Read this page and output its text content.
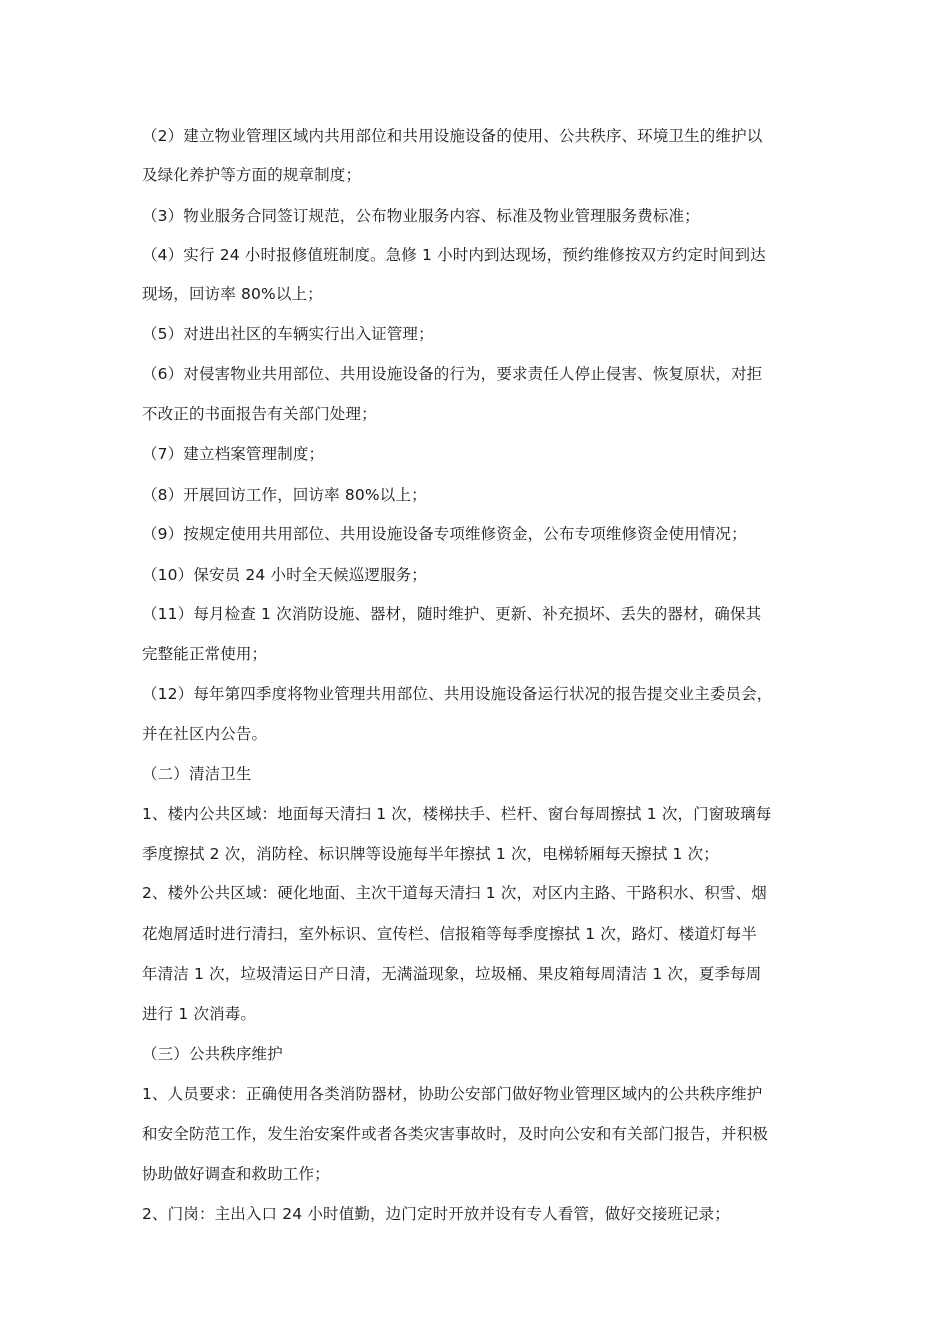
（2）建立物业管理区域内共用部位和共用设施设备的使用、公共秩序、环境卫生的维护以
及绿化养护等方面的规章制度；
（3）物业服务合同签订规范，公布物业服务内容、标准及物业管理服务费标准；
（4）实行 24 小时报修值班制度。急修 1 小时内到达现场，预约维修按双方约定时间到达
现场，回访率 80%以上；
（5）对进出社区的车辆实行出入证管理；
（6）对侵害物业共用部位、共用设施设备的行为，要求责任人停止侵害、恢复原状，对拒
不改正的书面报告有关部门处理；
（7）建立档案管理制度；
（8）开展回访工作，回访率 80%以上；
（9）按规定使用共用部位、共用设施设备专项维修资金，公布专项维修资金使用情况；
（10）保安员 24 小时全天候巡逻服务；
（11）每月检查 1 次消防设施、器材，随时维护、更新、补充损坏、丢失的器材，确保其
完整能正常使用；
（12）每年第四季度将物业管理共用部位、共用设施设备运行状况的报告提交业主委员会，
并在社区内公告。
（二）清洁卫生
1、楼内公共区域：地面每天清扫 1 次，楼梯扶手、栏杆、窗台每周擦拭 1 次，门窗玻璃每
季度擦拭 2 次，消防栓、标识牌等设施每半年擦拭 1 次，电梯轿厢每天擦拭 1 次；
2、楼外公共区域：硬化地面、主次干道每天清扫 1 次，对区内主路、干路积水、积雪、烟
花炮屑适时进行清扫，室外标识、宣传栏、信报箱等每季度擦拭 1 次，路灯、楼道灯每半
年清洁 1 次，垃圾清运日产日清，无满溢现象，垃圾桶、果皮箱每周清洁 1 次，夏季每周
进行 1 次消毒。
（三）公共秩序维护
1、人员要求：正确使用各类消防器材，协助公安部门做好物业管理区域内的公共秩序维护
和安全防范工作，发生治安案件或者各类灾害事故时，及时向公安和有关部门报告，并积极
协助做好调查和救助工作；
2、门岗：主出入口 24 小时值勤，边门定时开放并设有专人看管，做好交接班记录；
